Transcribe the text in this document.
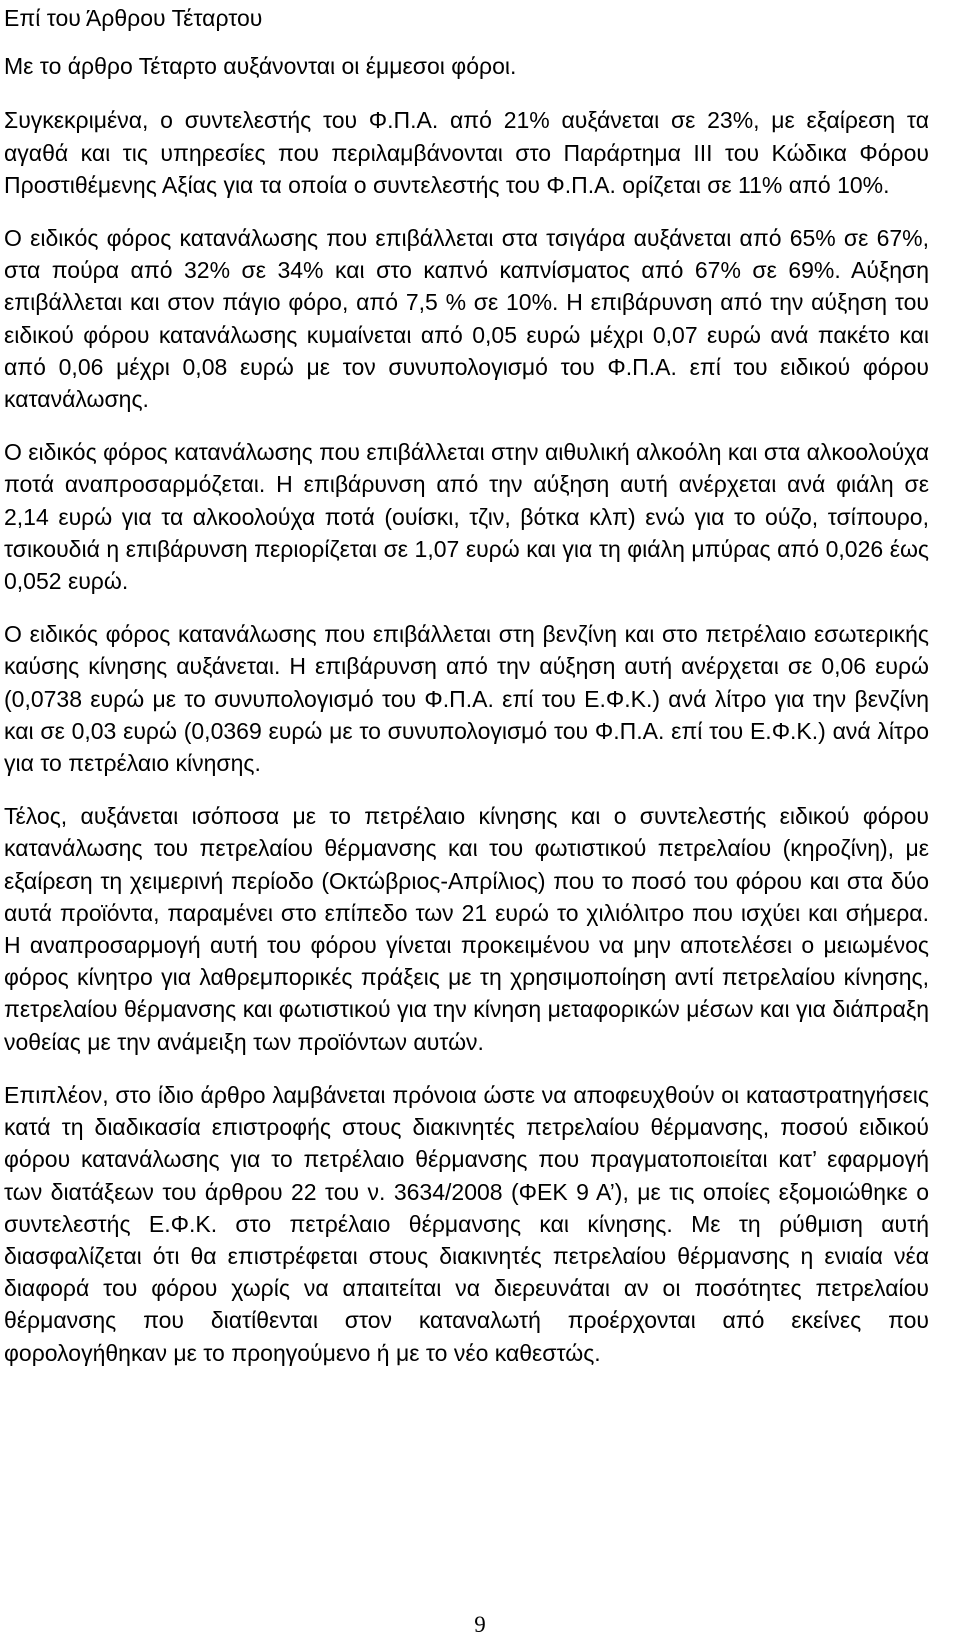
Επί του Άρθρου Τέταρτου

Με το άρθρο Τέταρτο αυξάνονται οι έμμεσοι φόροι.

Συγκεκριμένα, ο συντελεστής του Φ.Π.Α. από 21% αυξάνεται σε 23%, με εξαίρεση τα αγαθά και τις υπηρεσίες που περιλαμβάνονται στο Παράρτημα ΙΙΙ του Κώδικα Φόρου Προστιθέμενης Αξίας για τα οποία ο συντελεστής του Φ.Π.Α. ορίζεται σε 11% από 10%.

Ο ειδικός φόρος κατανάλωσης που επιβάλλεται στα τσιγάρα αυξάνεται από 65% σε 67%, στα πούρα από 32% σε 34% και στο καπνό καπνίσματος από 67% σε 69%. Αύξηση επιβάλλεται και στον πάγιο φόρο, από 7,5 % σε 10%. Η επιβάρυνση από την αύξηση του ειδικού φόρου κατανάλωσης κυμαίνεται από 0,05 ευρώ μέχρι 0,07 ευρώ ανά πακέτο και από 0,06 μέχρι 0,08 ευρώ με τον συνυπολογισμό του Φ.Π.Α. επί του ειδικού φόρου κατανάλωσης.

Ο ειδικός φόρος κατανάλωσης που επιβάλλεται στην αιθυλική αλκοόλη και στα αλκοολούχα ποτά αναπροσαρμόζεται. Η επιβάρυνση από την αύξηση αυτή ανέρχεται ανά φιάλη σε 2,14 ευρώ για τα αλκοολούχα ποτά (ουίσκι, τζιν, βότκα κλπ) ενώ για το ούζο, τσίπουρο, τσικουδιά η επιβάρυνση περιορίζεται σε 1,07 ευρώ και για τη φιάλη μπύρας από 0,026 έως 0,052 ευρώ.

Ο ειδικός φόρος κατανάλωσης που επιβάλλεται στη βενζίνη και στο πετρέλαιο εσωτερικής καύσης κίνησης αυξάνεται. Η επιβάρυνση από την αύξηση αυτή ανέρχεται σε 0,06 ευρώ (0,0738 ευρώ με το συνυπολογισμό του Φ.Π.Α. επί του Ε.Φ.Κ.) ανά λίτρο για την βενζίνη και σε 0,03 ευρώ (0,0369 ευρώ με το συνυπολογισμό του Φ.Π.Α. επί του Ε.Φ.Κ.) ανά λίτρο για το πετρέλαιο κίνησης.

Τέλος, αυξάνεται ισόποσα με το πετρέλαιο κίνησης και ο συντελεστής ειδικού φόρου κατανάλωσης του πετρελαίου θέρμανσης και του φωτιστικού πετρελαίου (κηροζίνη), με εξαίρεση τη χειμερινή περίοδο (Οκτώβριος-Απρίλιος) που το ποσό του φόρου και στα δύο αυτά προϊόντα, παραμένει στο επίπεδο των 21 ευρώ το χιλιόλιτρο που ισχύει και σήμερα. Η αναπροσαρμογή αυτή του φόρου γίνεται προκειμένου να μην αποτελέσει ο μειωμένος φόρος κίνητρο για λαθρεμπορικές πράξεις με τη χρησιμοποίηση αντί πετρελαίου κίνησης, πετρελαίου θέρμανσης και φωτιστικού για την κίνηση μεταφορικών μέσων και για διάπραξη νοθείας με την ανάμειξη των προϊόντων αυτών.

Επιπλέον, στο ίδιο άρθρο λαμβάνεται πρόνοια ώστε να αποφευχθούν οι καταστρατηγήσεις κατά τη διαδικασία επιστροφής στους διακινητές πετρελαίου θέρμανσης, ποσού ειδικού φόρου κατανάλωσης για το πετρέλαιο θέρμανσης που πραγματοποιείται κατ’ εφαρμογή των διατάξεων του άρθρου 22 του ν. 3634/2008 (ΦΕΚ 9 Α’), με τις οποίες εξομοιώθηκε ο συντελεστής Ε.Φ.Κ. στο πετρέλαιο θέρμανσης και κίνησης. Με τη ρύθμιση αυτή διασφαλίζεται ότι θα επιστρέφεται στους διακινητές πετρελαίου θέρμανσης η ενιαία νέα διαφορά του φόρου χωρίς να απαιτείται να διερευνάται αν οι ποσότητες πετρελαίου θέρμανσης που διατίθενται στον καταναλωτή προέρχονται από εκείνες που φορολογήθηκαν με το προηγούμενο ή με το νέο καθεστώς.

9
